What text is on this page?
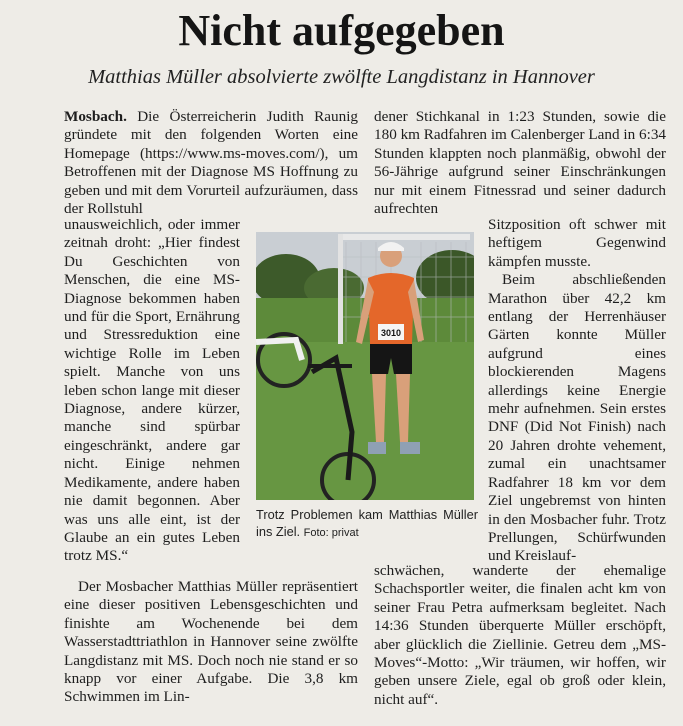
Nicht aufgegeben
Matthias Müller absolvierte zwölfte Langdistanz in Hannover

Mosbach. Die Österreicherin Judith Raunig gründete mit den folgenden Worten eine Homepage (https://www.ms-moves.com/), um Betroffenen mit der Diagnose MS Hoffnung zu geben und mit dem Vorurteil aufzuräumen, dass der Rollstuhl

unausweichlich, oder immer zeitnah droht: „Hier findest Du Geschichten von Menschen, die eine MS-Diagnose bekommen haben und für die Sport, Ernährung und Stressreduktion eine wichtige Rolle im Leben spielt. Manche von uns leben schon lange mit dieser Diagnose, andere kürzer, manche sind spürbar eingeschränkt, andere gar nicht. Einige nehmen Medikamente, andere haben nie damit begonnen. Aber was uns alle eint, ist der Glaube an ein gutes Leben trotz MS.“

Der Mosbacher Matthias Müller repräsentiert eine dieser positiven Lebensgeschichten und finishte am Wochenende bei dem Wasserstadttriathlon in Hannover seine zwölfte Langdistanz mit MS. Doch noch nie stand er so knapp vor einer Aufgabe. Die 3,8 km Schwimmen im Lin-

dener Stichkanal in 1:23 Stunden, sowie die 180 km Radfahren im Calenberger Land in 6:34 Stunden klappten noch planmäßig, obwohl der 56-Jährige aufgrund seiner Einschränkungen nur mit einem Fitnessrad und seiner dadurch aufrechten

Sitzposition oft schwer mit heftigem Gegenwind kämpfen musste.

Beim abschließenden Marathon über 42,2 km entlang der Herrenhäuser Gärten konnte Müller aufgrund eines blockierenden Magens allerdings keine Energie mehr aufnehmen. Sein erstes DNF (Did Not Finish) nach 20 Jahren drohte vehement, zumal ein unachtsamer Radfahrer 18 km vor dem Ziel ungebremst von hinten in den Mosbacher fuhr. Trotz Prellungen, Schürfwunden und Kreislauf-

schwächen, wanderte der ehemalige Schachsportler weiter, die finalen acht km von seiner Frau Petra aufmerksam begleitet. Nach 14:36 Stunden überquerte Müller erschöpft, aber glücklich die Ziellinie. Getreu dem „MS-Moves“-Motto: „Wir träumen, wir hoffen, wir geben unsere Ziele, egal ob groß oder klein, nicht auf“.

3010
Trotz Problemen kam Matthias Müller ins Ziel. Foto: privat
